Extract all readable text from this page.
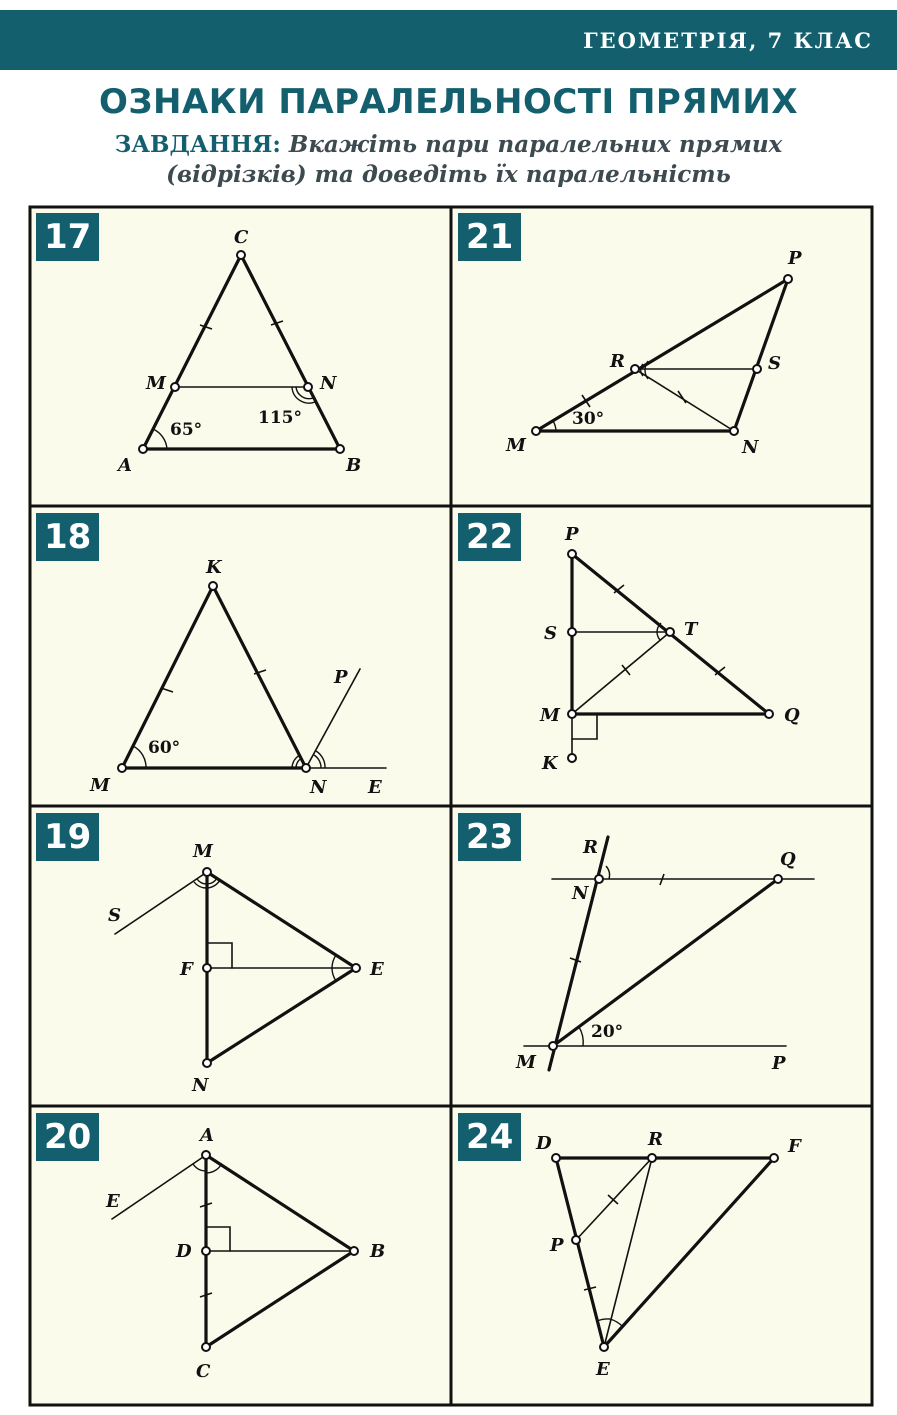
ГЕОМЕТРІЯ, 7 КЛАС
ОЗНАКИ ПАРАЛЕЛЬНОСТІ ПРЯМИХ
ЗАВДАННЯ: Вкажіть пари паралельних прямих
(відрізків) та доведіть їх паралельність
17	C
M	N
A	B
65°
115°
21
P
R	S
M	N
30°
18
K
P
M	N E
60°
22	P
S	T
M	Q
K
19	M
S
F	E
N
23	R
Q
N
M	P
20°
20	A
E
D	B
C
24	D	R	F
P
E
